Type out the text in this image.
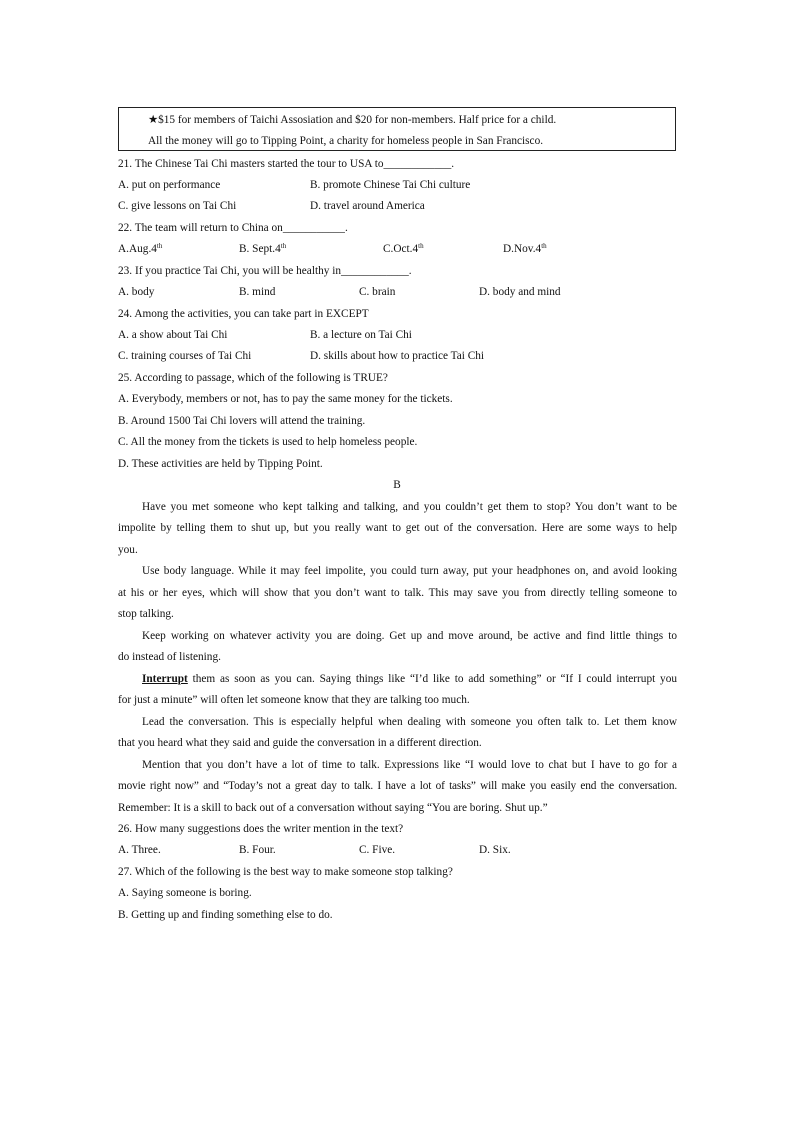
★$15 for members of Taichi Assosiation and $20 for non-members. Half price for a child.
All the money will go to Tipping Point, a charity for homeless people in San Francisco.
21. The Chinese Tai Chi masters started the tour to USA to____________.
A. put on performance	B. promote Chinese Tai Chi culture
C. give lessons on Tai Chi	D. travel around America
22. The team will return to China on___________.
A.Aug.4th	B. Sept.4th	C.Oct.4th	D.Nov.4th
23. If you practice Tai Chi, you will be healthy in____________.
A. body	B. mind	C. brain	D. body and mind
24. Among the activities, you can take part in EXCEPT
A. a show about Tai Chi	B. a lecture on Tai Chi
C. training courses of Tai Chi	D. skills about how to practice Tai Chi
25. According to passage, which of the following is TRUE?
A. Everybody, members or not, has to pay the same money for the tickets.
B. Around 1500 Tai Chi lovers will attend the training.
C. All the money from the tickets is used to help homeless people.
D. These activities are held by Tipping Point.
B
Have you met someone who kept talking and talking, and you couldn’t get them to stop? You don’t want to be
impolite by telling them to shut up, but you really want to get out of the conversation. Here are some ways to help
you.
Use body language. While it may feel impolite, you could turn away, put your headphones on, and avoid looking
at his or her eyes, which will show that you don’t want to talk. This may save you from directly telling someone to
stop talking.
Keep working on whatever activity you are doing. Get up and move around, be active and find little things to
do instead of listening.
Interrupt them as soon as you can. Saying things like “I’d like to add something” or “If I could interrupt you
for just a minute” will often let someone know that they are talking too much.
Lead the conversation. This is especially helpful when dealing with someone you often talk to. Let them know
that you heard what they said and guide the conversation in a different direction.
Mention that you don’t have a lot of time to talk. Expressions like “I would love to chat but I have to go for a
movie right now” and “Today’s not a great day to talk. I have a lot of tasks” will make you easily end the conversation.
Remember: It is a skill to back out of a conversation without saying “You are boring. Shut up.”
26. How many suggestions does the writer mention in the text?
A. Three.	B. Four.	C. Five.	D. Six.
27. Which of the following is the best way to make someone stop talking?
A. Saying someone is boring.
B. Getting up and finding something else to do.
